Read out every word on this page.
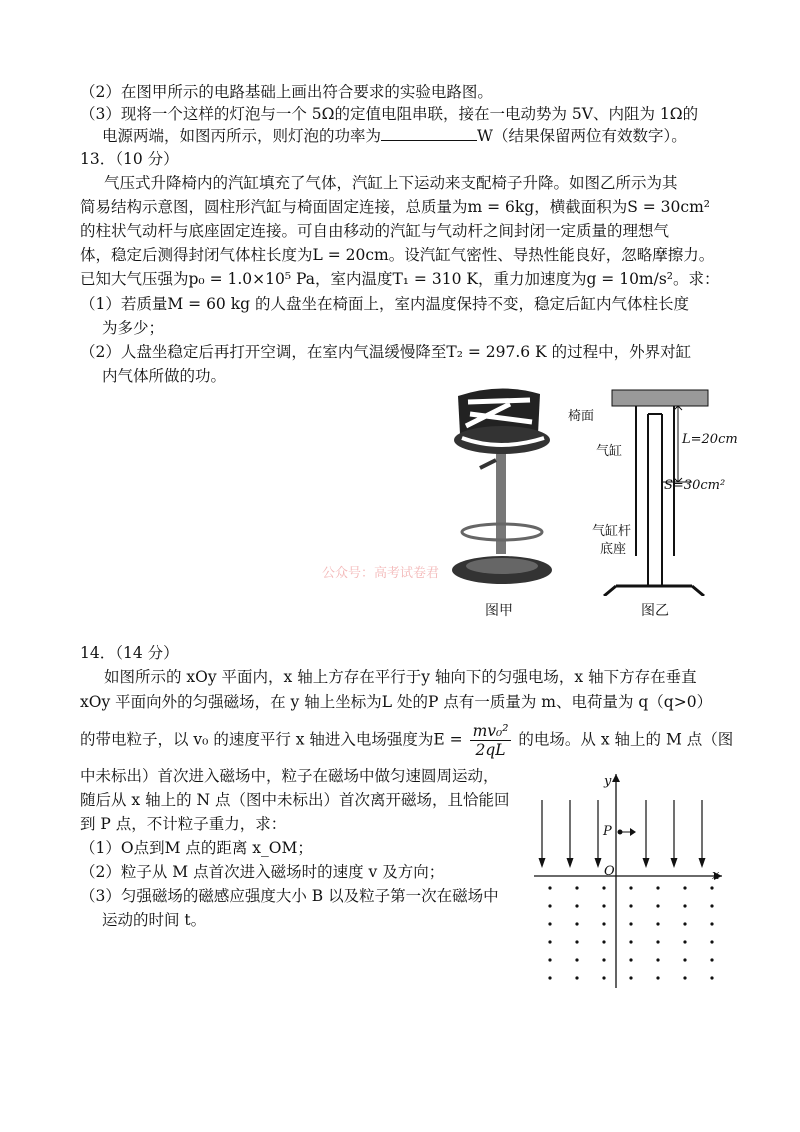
（2）在图甲所示的电路基础上画出符合要求的实验电路图。
（3）现将一个这样的灯泡与一个 5Ω的定值电阻串联，接在一电动势为 5V、内阻为 1Ω的
电源两端，如图丙所示，则灯泡的功率为	W（结果保留两位有效数字）。
13．（10 分）
气压式升降椅内的汽缸填充了气体，汽缸上下运动来支配椅子升降。如图乙所示为其
简易结构示意图，圆柱形汽缸与椅面固定连接，总质量为m = 6kg，横截面积为S = 30cm²
的柱状气动杆与底座固定连接。可自由移动的汽缸与气动杆之间封闭一定质量的理想气
体，稳定后测得封闭气体柱长度为L = 20cm。设汽缸气密性、导热性能良好，忽略摩擦力。
已知大气压强为p₀ = 1.0×10⁵ Pa，室内温度T₁ = 310 K，重力加速度为g = 10m/s²。求：
（1）若质量M = 60 kg 的人盘坐在椅面上，室内温度保持不变，稳定后缸内气体柱长度
为多少；
（2）人盘坐稳定后再打开空调，在室内气温缓慢降至T₂ = 297.6 K 的过程中，外界对缸
内气体所做的功。
图甲
椅面
气缸
L=20cm
S=30cm²
气缸杆
底座
图乙
公众号：高考试卷君
14．（14 分）
如图所示的 xOy 平面内，x 轴上方存在平行于y 轴向下的匀强电场，x 轴下方存在垂直
xOy 平面向外的匀强磁场，在 y 轴上坐标为L 处的P 点有一质量为 m、电荷量为 q（q>0）
的带电粒子，以 v₀ 的速度平行 x 轴进入电场强度为$E = \frac{\text{mv₀²}}{2qL}$ 的电场。从 x 轴上的 M 点（图
中未标出）首次进入磁场中，粒子在磁场中做匀速圆周运动，
随后从 x 轴上的 N 点（图中未标出）首次离开磁场，且恰能回
到 P 点，不计粒子重力，求：
（1）O点到M 点的距离 x_OM；
（2）粒子从 M 点首次进入磁场时的速度 v 及方向；
（3）匀强磁场的磁感应强度大小 B 以及粒子第一次在磁场中
运动的时间 t。
y
x
O
P
